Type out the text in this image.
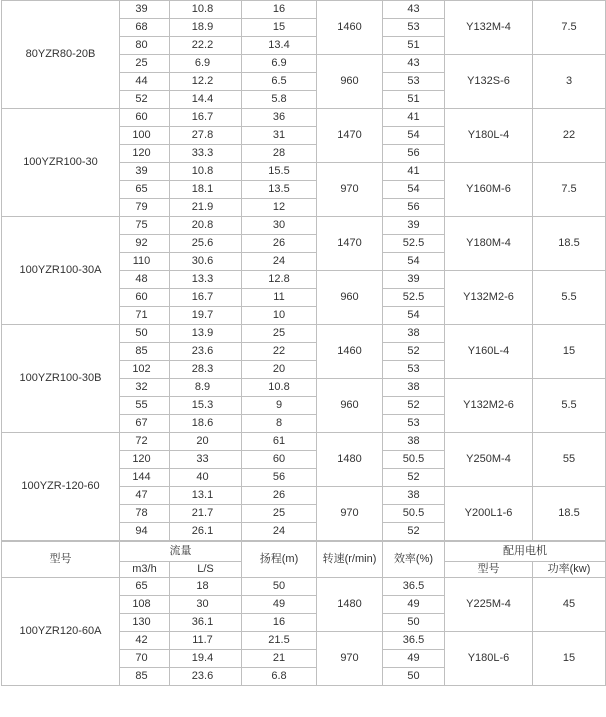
80YZR80-20B	39	10.8	16	1460	43	Y132M-4	7.5
	68	18.9	15		53		
	80	22.2	13.4		51		
	25	6.9	6.9	960	43	Y132S-6	3
	44	12.2	6.5		53		
	52	14.4	5.8		51		
100YZR100-30	60	16.7	36	1470	41	Y180L-4	22
	100	27.8	31		54		
	120	33.3	28		56		
	39	10.8	15.5	970	41	Y160M-6	7.5
	65	18.1	13.5		54		
	79	21.9	12		56		
100YZR100-30A	75	20.8	30	1470	39	Y180M-4	18.5
	92	25.6	26		52.5		
	110	30.6	24		54		
	48	13.3	12.8	960	39	Y132M2-6	5.5
	60	16.7	11		52.5		
	71	19.7	10		54		
100YZR100-30B	50	13.9	25	1460	38	Y160L-4	15
	85	23.6	22		52		
	102	28.3	20		53		
	32	8.9	10.8	960	38	Y132M2-6	5.5
	55	15.3	9		52		
	67	18.6	8		53		
100YZR-120-60	72	20	61	1480	38	Y250M-4	55
	120	33	60		50.5		
	144	40	56		52		
	47	13.1	26	970	38	Y200L1-6	18.5
	78	21.7	25		50.5		
	94	26.1	24		52		
型号	流量		扬程(m)	转速(r/min)	效率(%)	配用电机	
	m3/h	L/S				型号	功率(kw)
100YZR120-60A	65	18	50	1480	36.5	Y225M-4	45
	108	30	49		49		
	130	36.1	16		50		
	42	11.7	21.5	970	36.5	Y180L-6	15
	70	19.4	21		49		
	85	23.6	6.8		50		
